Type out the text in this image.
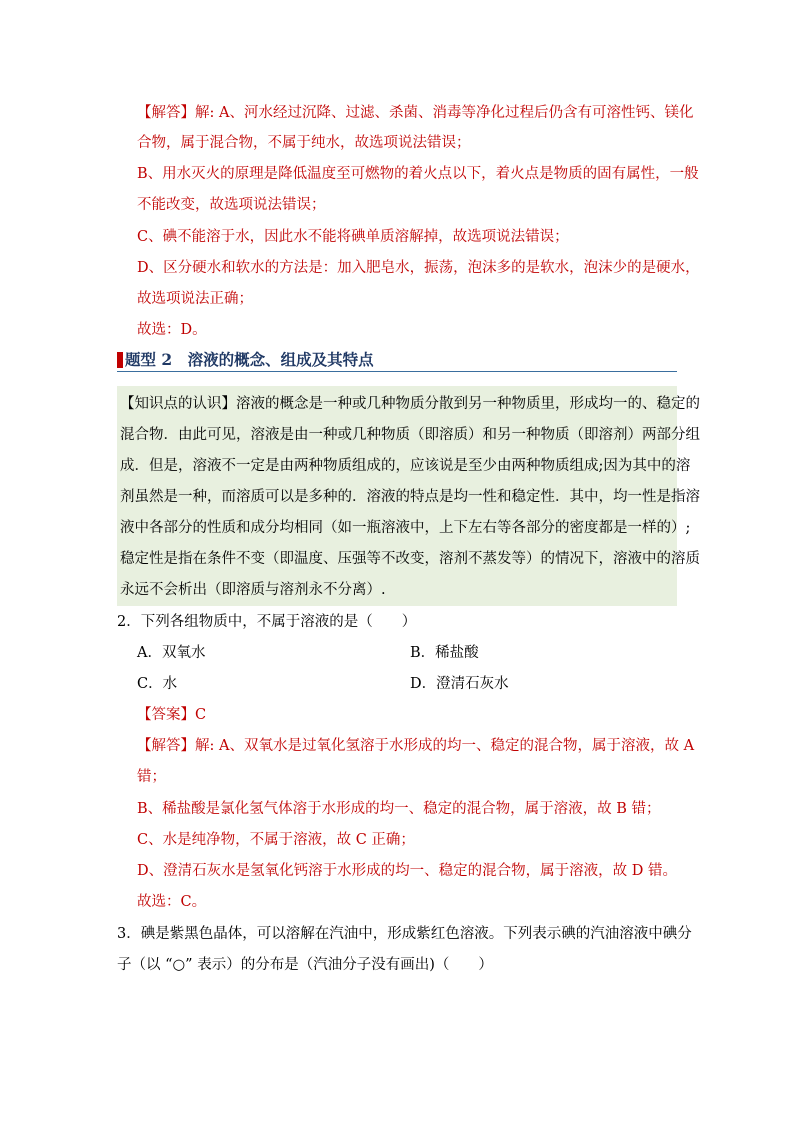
【解答】解: A、河水经过沉降、过滤、杀菌、消毒等净化过程后仍含有可溶性钙、镁化
合物，属于混合物，不属于纯水，故选项说法错误；
B、用水灭火的原理是降低温度至可燃物的着火点以下，着火点是物质的固有属性，一般
不能改变，故选项说法错误；
C、碘不能溶于水，因此水不能将碘单质溶解掉，故选项说法错误；
D、区分硬水和软水的方法是：加入肥皂水，振荡，泡沫多的是软水，泡沫少的是硬水，
故选项说法正确；
故选：D。
题型 2　溶液的概念、组成及其特点
【知识点的认识】溶液的概念是一种或几种物质分散到另一种物质里，形成均一的、稳定的
混合物．由此可见，溶液是由一种或几种物质（即溶质）和另一种物质（即溶剂）两部分组
成．但是，溶液不一定是由两种物质组成的，应该说是至少由两种物质组成;因为其中的溶
剂虽然是一种，而溶质可以是多种的．溶液的特点是均一性和稳定性．其中，均一性是指溶
液中各部分的性质和成分均相同（如一瓶溶液中，上下左右等各部分的密度都是一样的）;
稳定性是指在条件不变（即温度、压强等不改变，溶剂不蒸发等）的情况下，溶液中的溶质
永远不会析出（即溶质与溶剂永不分离）.
2．下列各组物质中，不属于溶液的是（　　）
A．双氧水	B．稀盐酸
C．水	D．澄清石灰水
【答案】C
【解答】解: A、双氧水是过氧化氢溶于水形成的均一、稳定的混合物，属于溶液，故 A
错；
B、稀盐酸是氯化氢气体溶于水形成的均一、稳定的混合物，属于溶液，故 B 错；
C、水是纯净物，不属于溶液，故 C 正确；
D、澄清石灰水是氢氧化钙溶于水形成的均一、稳定的混合物，属于溶液，故 D 错。
故选：C。
3．碘是紫黑色晶体，可以溶解在汽油中，形成紫红色溶液。下列表示碘的汽油溶液中碘分
子（以 “○” 表示）的分布是（汽油分子没有画出)（　　）
